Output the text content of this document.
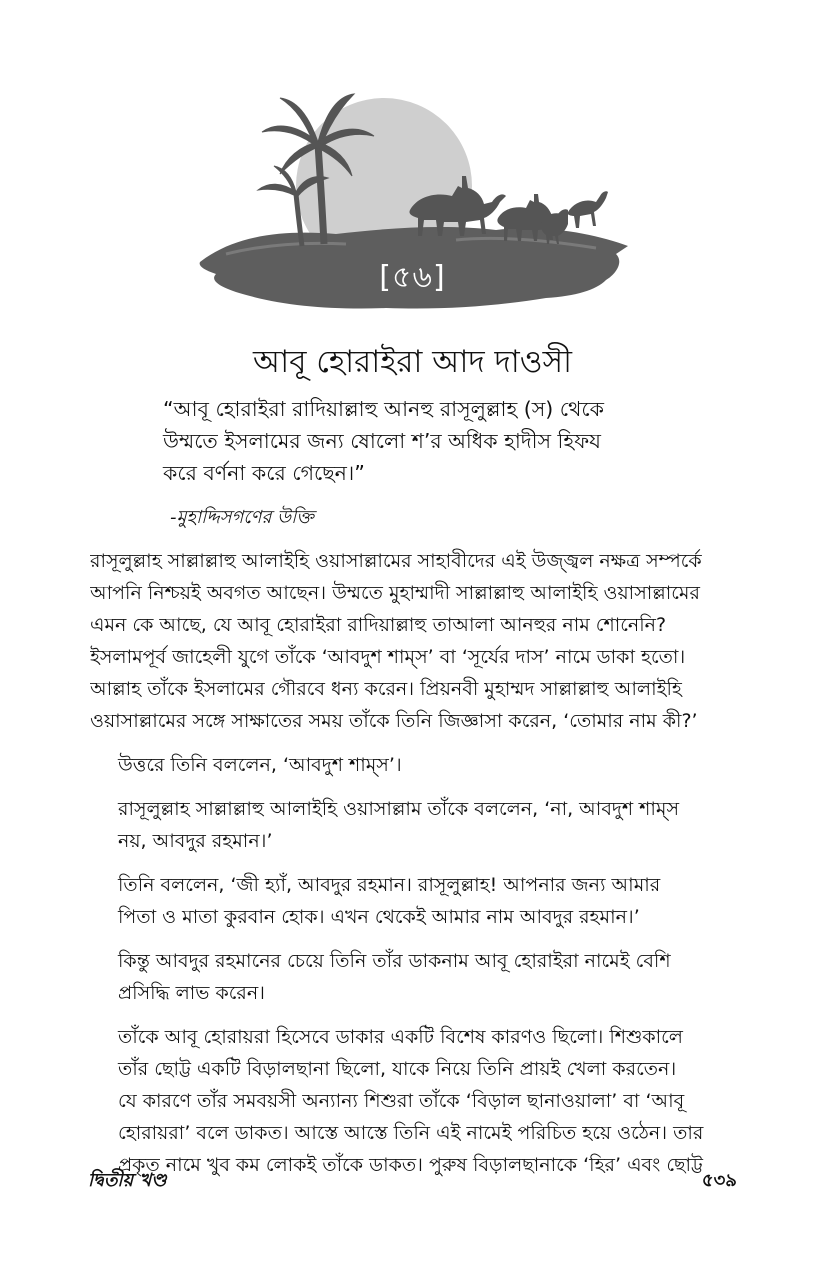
[৫৬]
আবূ হোরাইরা আদ দাওসী
“আবূ হোরাইরা রাদিয়াল্লাহু আনহু রাসূলুল্লাহ (স) থেকে
উম্মতে ইসলামের জন্য ষোলো শ’র অধিক হাদীস হিফয
করে বর্ণনা করে গেছেন।”
-মুহাদ্দিসগণের উক্তি

রাসূলুল্লাহ সাল্লাল্লাহু আলাইহি ওয়াসাল্লামের সাহাবীদের এই উজ্জ্বল নক্ষত্র সম্পর্কে
আপনি নিশ্চয়ই অবগত আছেন। উম্মতে মুহাম্মাদী সাল্লাল্লাহু আলাইহি ওয়াসাল্লামের
এমন কে আছে, যে আবূ হোরাইরা রাদিয়াল্লাহু তাআলা আনহুর নাম শোনেনি?
ইসলামপূর্ব জাহেলী যুগে তাঁকে ‘আবদুশ শাম্‌স’ বা ‘সূর্যের দাস’ নামে ডাকা হতো।
আল্লাহ তাঁকে ইসলামের গৌরবে ধন্য করেন। প্রিয়নবী মুহাম্মদ সাল্লাল্লাহু আলাইহি
ওয়াসাল্লামের সঙ্গে সাক্ষাতের সময় তাঁকে তিনি জিজ্ঞাসা করেন, ‘তোমার নাম কী?’

উত্তরে তিনি বললেন, ‘আবদুশ শাম্‌স’।

রাসূলুল্লাহ সাল্লাল্লাহু আলাইহি ওয়াসাল্লাম তাঁকে বললেন, ‘না, আবদুশ শাম্‌স
নয়, আবদুর রহমান।’

তিনি বললেন, ‘জী হ্যাঁ, আবদুর রহমান। রাসূলুল্লাহ! আপনার জন্য আমার
পিতা ও মাতা কুরবান হোক। এখন থেকেই আমার নাম আবদুর রহমান।’

কিন্তু আবদুর রহমানের চেয়ে তিনি তাঁর ডাকনাম আবূ হোরাইরা নামেই বেশি
প্রসিদ্ধি লাভ করেন।

তাঁকে আবূ হোরায়রা হিসেবে ডাকার একটি বিশেষ কারণও ছিলো। শিশুকালে
তাঁর ছোট্ট একটি বিড়ালছানা ছিলো, যাকে নিয়ে তিনি প্রায়ই খেলা করতেন।
যে কারণে তাঁর সমবয়সী অন্যান্য শিশুরা তাঁকে ‘বিড়াল ছানাওয়ালা’ বা ‘আবূ
হোরায়রা’ বলে ডাকত। আস্তে আস্তে তিনি এই নামেই পরিচিত হয়ে ওঠেন। তার
প্রকৃত নামে খুব কম লোকই তাঁকে ডাকত। পুরুষ বিড়ালছানাকে ‘হির’ এবং ছোট্ট

দ্বিতীয় খণ্ড	৫৩৯
